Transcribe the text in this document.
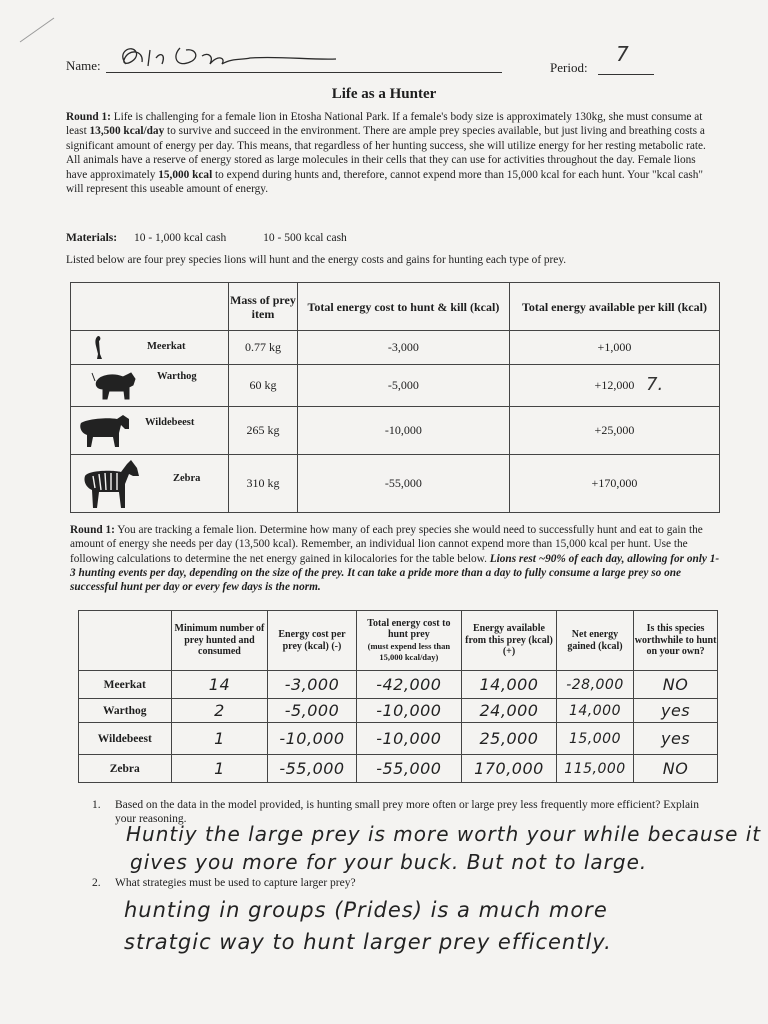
Name:	Period:
7
Life as a Hunter

Round 1: Life is challenging for a female lion in Etosha National Park. If a female's body size is approximately 130kg, she must consume at least 13,500 kcal/day to survive and succeed in the environment. There are ample prey species available, but just living and breathing costs a significant amount of energy per day. This means, that regardless of her hunting success, she will utilize energy for her resting metabolic rate. All animals have a reserve of energy stored as large molecules in their cells that they can use for activities throughout the day. Female lions have approximately 15,000 kcal to expend during hunts and, therefore, cannot expend more than 15,000 kcal for each hunt. Your "kcal cash" will represent this useable amount of energy.

Materials: 10 - 1,000 kcal cash	10 - 500 kcal cash
Listed below are four prey species lions will hunt and the energy costs and gains for hunting each type of prey.
	Mass of prey item	Total energy cost to hunt & kill (kcal)	Total energy available per kill (kcal)

Meerkat	0.77 kg	-3,000	+1,000

Warthog	60 kg	-5,000	+12,000

Wildebeest	265 kg	-10,000	+25,000

Zebra	310 kg	-55,000	+170,000
7.

Round 1: You are tracking a female lion. Determine how many of each prey species she would need to successfully hunt and eat to gain the amount of energy she needs per day (13,500 kcal). Remember, an individual lion cannot expend more than 15,000 kcal per hunt. Use the following calculations to determine the net energy gained in kilocalories for the table below. Lions rest ~90% of each day, allowing for only 1-3 hunting events per day, depending on the size of the prey. It can take a pride more than a day to fully consume a large prey so one successful hunt per day or every few days is the norm.

	Minimum number of prey hunted and consumed	Energy cost per prey (kcal) (-)	Total energy cost to hunt prey
(must expend less than 15,000 kcal/day)	Energy available from this prey (kcal) (+)	Net energy gained (kcal)	Is this species worthwhile to hunt on your own?
Meerkat	14	-3,000	-42,000	14,000	-28,000	NO
Warthog	2	-5,000	-10,000	24,000	14,000	yes
Wildebeest	1	-10,000	-10,000	25,000	15,000	yes
Zebra	1	-55,000	-55,000	170,000	115,000	NO
1. Based on the data in the model provided, is hunting small prey more often or large prey less frequently more efficient? Explain your reasoning.
Huntiy the large prey is more worth your while because it
gives you more for your buck. But not to large.
2. What strategies must be used to capture larger prey?
hunting in groups (Prides) is a much more
stratgic way to hunt larger prey efficently.
